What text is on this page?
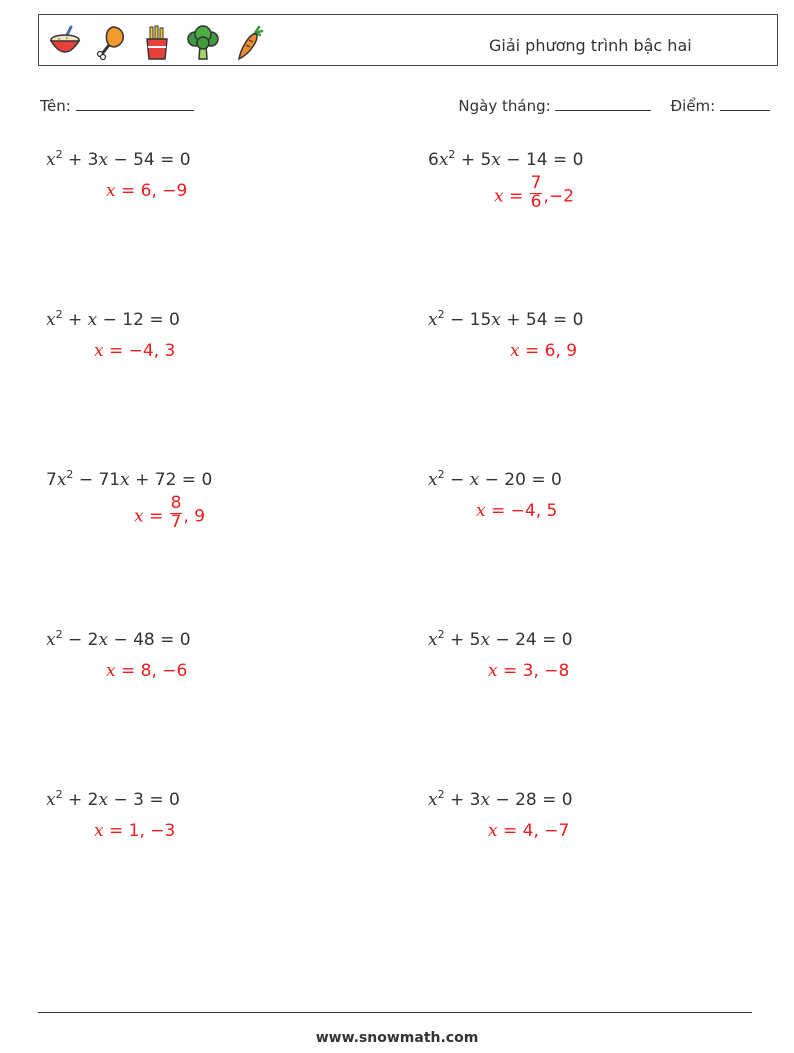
Giải phương trình bậc hai
Tên:	Ngày tháng:	Điểm:
$x^2 + 3x - 54 = 0$
x = 6, −9
$6x^2 + 5x - 14 = 0$
$x = \frac{7}{6} ,-2$
$x^2 + x - 12 = 0$
x = −4, 3
$x^2 - 15x + 54 = 0$
x = 6, 9
$7x^2 - 71x + 72 = 0$
$x = \frac{8}{7}$ , 9
$x^2 - x - 20 = 0$
x = −4, 5
$x^2 - 2x - 48 = 0$
x = 8, −6
$x^2 + 5x - 24 = 0$
x = 3, −8
$x^2 + 2x - 3 = 0$
x = 1, −3
$x^2 + 3x - 28 = 0$
x = 4, −7
www.snowmath.com
